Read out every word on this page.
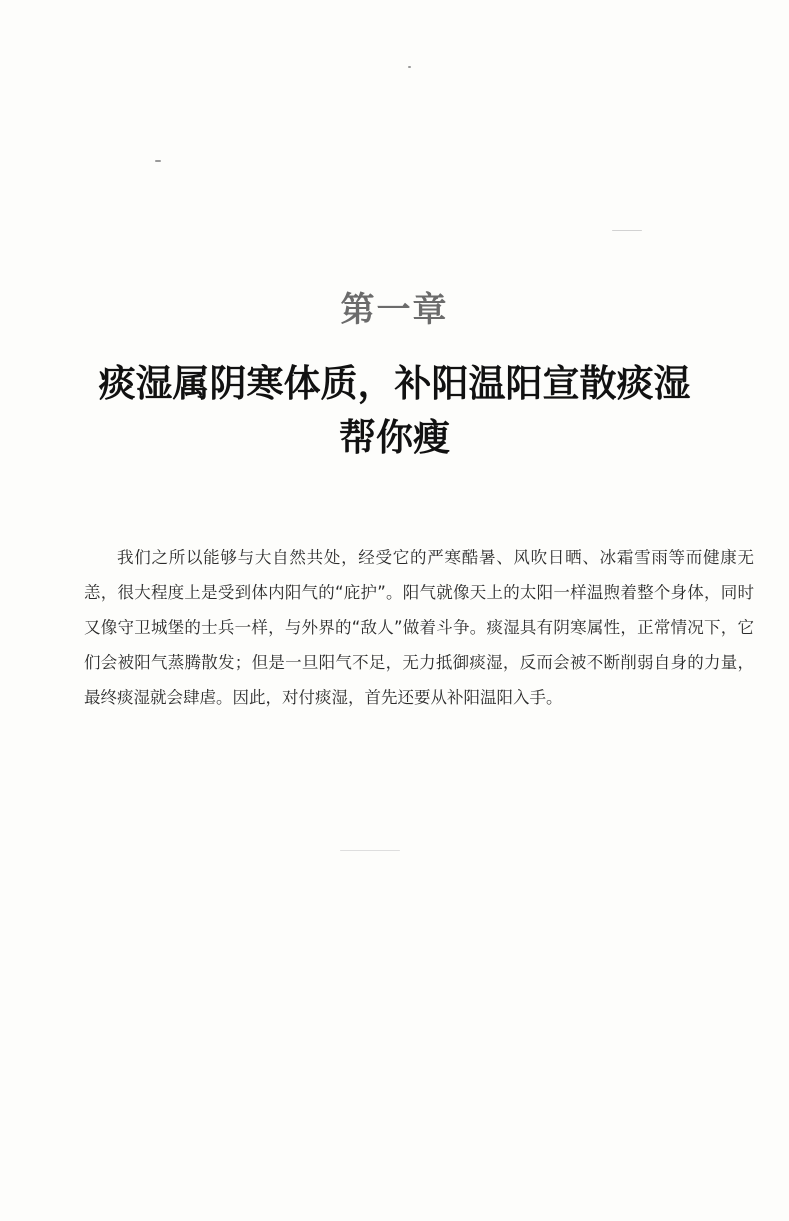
第一章
痰湿属阴寒体质，补阳温阳宣散痰湿
帮你瘦

我们之所以能够与大自然共处，经受它的严寒酷暑、风吹日晒、冰霜雪雨等而健康无恙，很大程度上是受到体内阳气的“庇护”。阳气就像天上的太阳一样温煦着整个身体，同时又像守卫城堡的士兵一样，与外界的“敌人”做着斗争。痰湿具有阴寒属性，正常情况下，它们会被阳气蒸腾散发；但是一旦阳气不足，无力抵御痰湿，反而会被不断削弱自身的力量，最终痰湿就会肆虐。因此，对付痰湿，首先还要从补阳温阳入手。
